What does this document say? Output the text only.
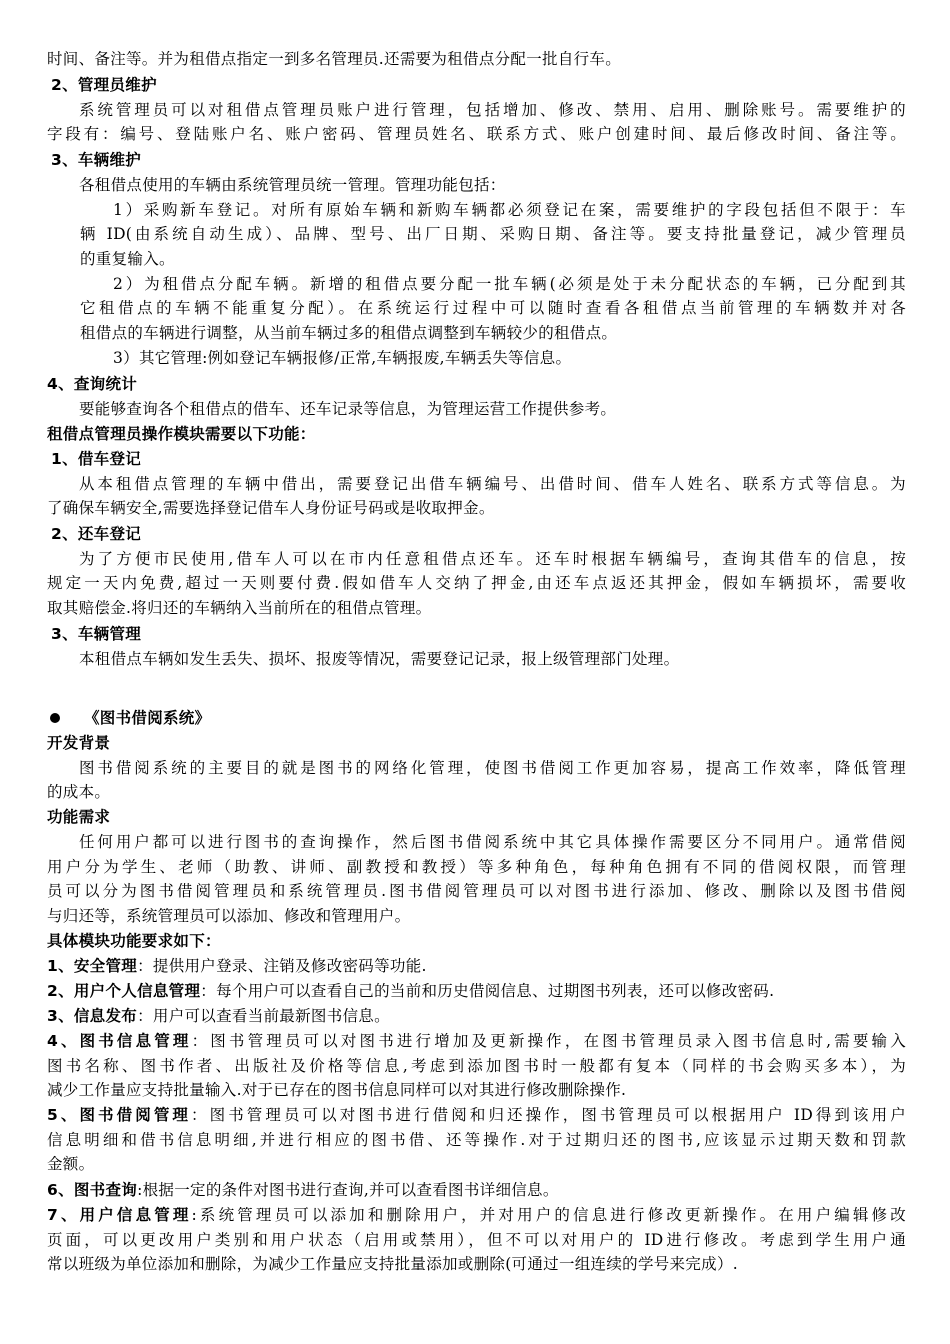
时间、备注等。并为租借点指定一到多名管理员.还需要为租借点分配一批自行车。
2、管理员维护
系统管理员可以对租借点管理员账户进行管理，包括增加、修改、禁用、启用、删除账号。需要维护的
字段有：编号、登陆账户名、账户密码、管理员姓名、联系方式、账户创建时间、最后修改时间、备注等。
3、车辆维护
各租借点使用的车辆由系统管理员统一管理。管理功能包括：
1）采购新车登记。对所有原始车辆和新购车辆都必须登记在案，需要维护的字段包括但不限于：车
辆 ID(由系统自动生成）、品牌、型号、出厂日期、采购日期、备注等。要支持批量登记，减少管理员
的重复输入。
2）为租借点分配车辆。新增的租借点要分配一批车辆(必须是处于未分配状态的车辆，已分配到其
它租借点的车辆不能重复分配）。在系统运行过程中可以随时查看各租借点当前管理的车辆数并对各
租借点的车辆进行调整，从当前车辆过多的租借点调整到车辆较少的租借点。
3）其它管理:例如登记车辆报修/正常,车辆报废,车辆丢失等信息。
4、查询统计
要能够查询各个租借点的借车、还车记录等信息，为管理运营工作提供参考。
租借点管理员操作模块需要以下功能：
1、借车登记
从本租借点管理的车辆中借出，需要登记出借车辆编号、出借时间、借车人姓名、联系方式等信息。为
了确保车辆安全,需要选择登记借车人身份证号码或是收取押金。
2、还车登记
为了方便市民使用,借车人可以在市内任意租借点还车。还车时根据车辆编号，查询其借车的信息，按
规定一天内免费,超过一天则要付费.假如借车人交纳了押金,由还车点返还其押金，假如车辆损坏，需要收
取其赔偿金.将归还的车辆纳入当前所在的租借点管理。
3、车辆管理
本租借点车辆如发生丢失、损坏、报废等情况，需要登记记录，报上级管理部门处理。
《图书借阅系统》
开发背景
图书借阅系统的主要目的就是图书的网络化管理，使图书借阅工作更加容易，提高工作效率，降低管理
的成本。
功能需求
任何用户都可以进行图书的查询操作，然后图书借阅系统中其它具体操作需要区分不同用户。通常借阅
用户分为学生、老师（助教、讲师、副教授和教授）等多种角色，每种角色拥有不同的借阅权限，而管理
员可以分为图书借阅管理员和系统管理员.图书借阅管理员可以对图书进行添加、修改、删除以及图书借阅
与归还等，系统管理员可以添加、修改和管理用户。
具体模块功能要求如下：
1、安全管理：提供用户登录、注销及修改密码等功能.
2、用户个人信息管理：每个用户可以查看自己的当前和历史借阅信息、过期图书列表，还可以修改密码.
3、信息发布：用户可以查看当前最新图书信息。
4、图书信息管理：图书管理员可以对图书进行增加及更新操作，在图书管理员录入图书信息时,需要输入
图书名称、图书作者、出版社及价格等信息,考虑到添加图书时一般都有复本（同样的书会购买多本），为
减少工作量应支持批量输入.对于已存在的图书信息同样可以对其进行修改删除操作.
5、图书借阅管理：图书管理员可以对图书进行借阅和归还操作，图书管理员可以根据用户 ID得到该用户
信息明细和借书信息明细,并进行相应的图书借、还等操作.对于过期归还的图书,应该显示过期天数和罚款
金额。
6、图书查询:根据一定的条件对图书进行查询,并可以查看图书详细信息。
7、用户信息管理:系统管理员可以添加和删除用户，并对用户的信息进行修改更新操作。在用户编辑修改
页面，可以更改用户类别和用户状态（启用或禁用），但不可以对用户的 ID进行修改。考虑到学生用户通
常以班级为单位添加和删除，为减少工作量应支持批量添加或删除(可通过一组连续的学号来完成）.
